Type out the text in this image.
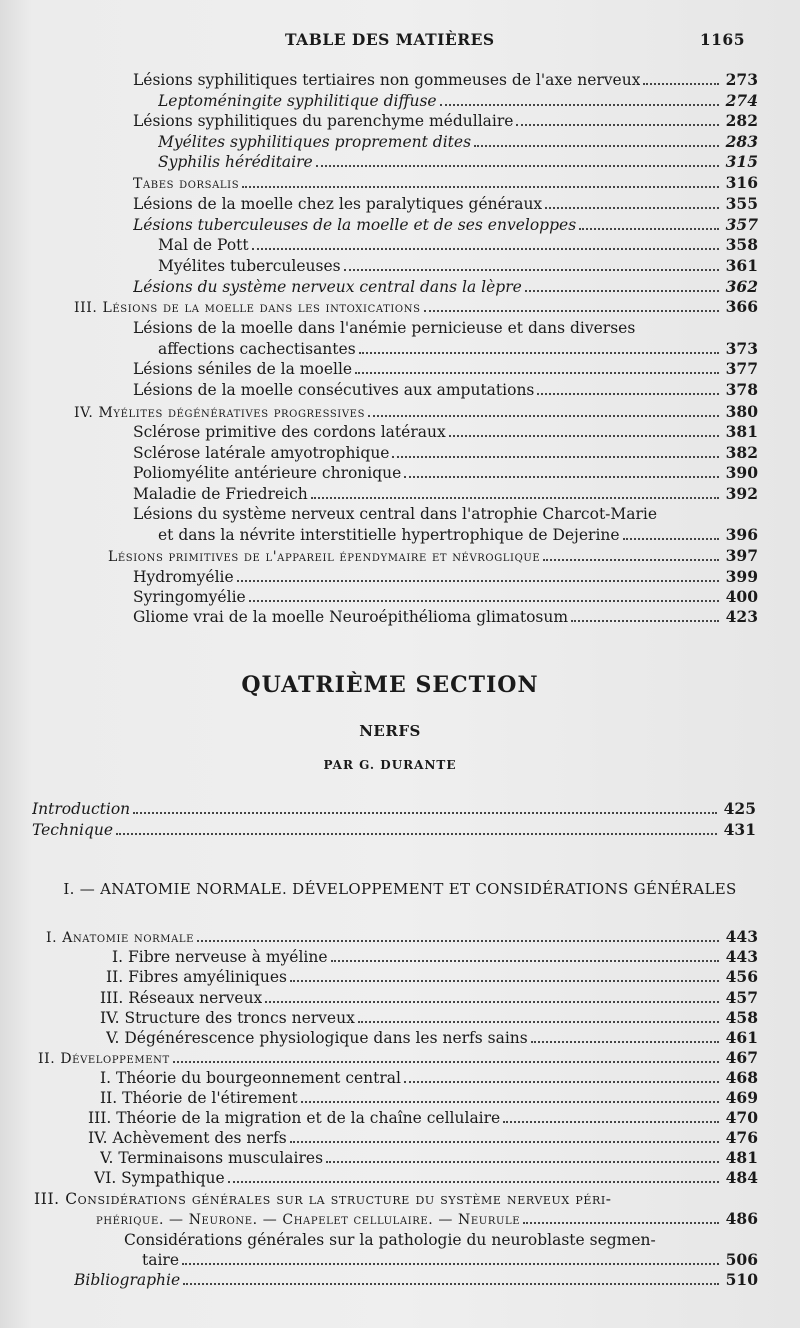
TABLE DES MATIÈRES	1165
Lésions syphilitiques tertiaires non gommeuses de l'axe nerveux	273
Leptoméningite syphilitique diffuse	274
Lésions syphilitiques du parenchyme médullaire	282
Myélites syphilitiques proprement dites	283
Syphilis héréditaire	315
Tabes dorsalis	316
Lésions de la moelle chez les paralytiques généraux	355
Lésions tuberculeuses de la moelle et de ses enveloppes	357
Mal de Pott	358
Myélites tuberculeuses	361
Lésions du système nerveux central dans la lèpre	362
III. Lésions de la moelle dans les intoxications	366
Lésions de la moelle dans l'anémie pernicieuse et dans diverses
affections cachectisantes	373
Lésions séniles de la moelle	377
Lésions de la moelle consécutives aux amputations	378
IV. Myélites dégénératives progressives	380
Sclérose primitive des cordons latéraux	381
Sclérose latérale amyotrophique	382
Poliomyélite antérieure chronique	390
Maladie de Friedreich	392
Lésions du système nerveux central dans l'atrophie Charcot-Marie
et dans la névrite interstitielle hypertrophique de Dejerine	396
Lésions primitives de l'appareil épendymaire et névroglique	397
Hydromyélie	399
Syringomyélie	400
Gliome vrai de la moelle Neuroépithélioma glimatosum	423
QUATRIÈME SECTION
NERFS
PAR G. DURANTE
Introduction	425
Technique	431
I. — ANATOMIE NORMALE. DÉVELOPPEMENT ET CONSIDÉRATIONS GÉNÉRALES
I. Anatomie normale	443
I. Fibre nerveuse à myéline	443
II. Fibres amyéliniques	456
III. Réseaux nerveux	457
IV. Structure des troncs nerveux	458
V. Dégénérescence physiologique dans les nerfs sains	461
II. Développement	467
I. Théorie du bourgeonnement central	468
II. Théorie de l'étirement	469
III. Théorie de la migration et de la chaîne cellulaire	470
IV. Achèvement des nerfs	476
V. Terminaisons musculaires	481
VI. Sympathique	484
III. Considérations générales sur la structure du système nerveux péri-
phérique. — Neurone. — Chapelet cellulaire. — Neurule	486
Considérations générales sur la pathologie du neuroblaste segmen-
taire	506
Bibliographie	510
